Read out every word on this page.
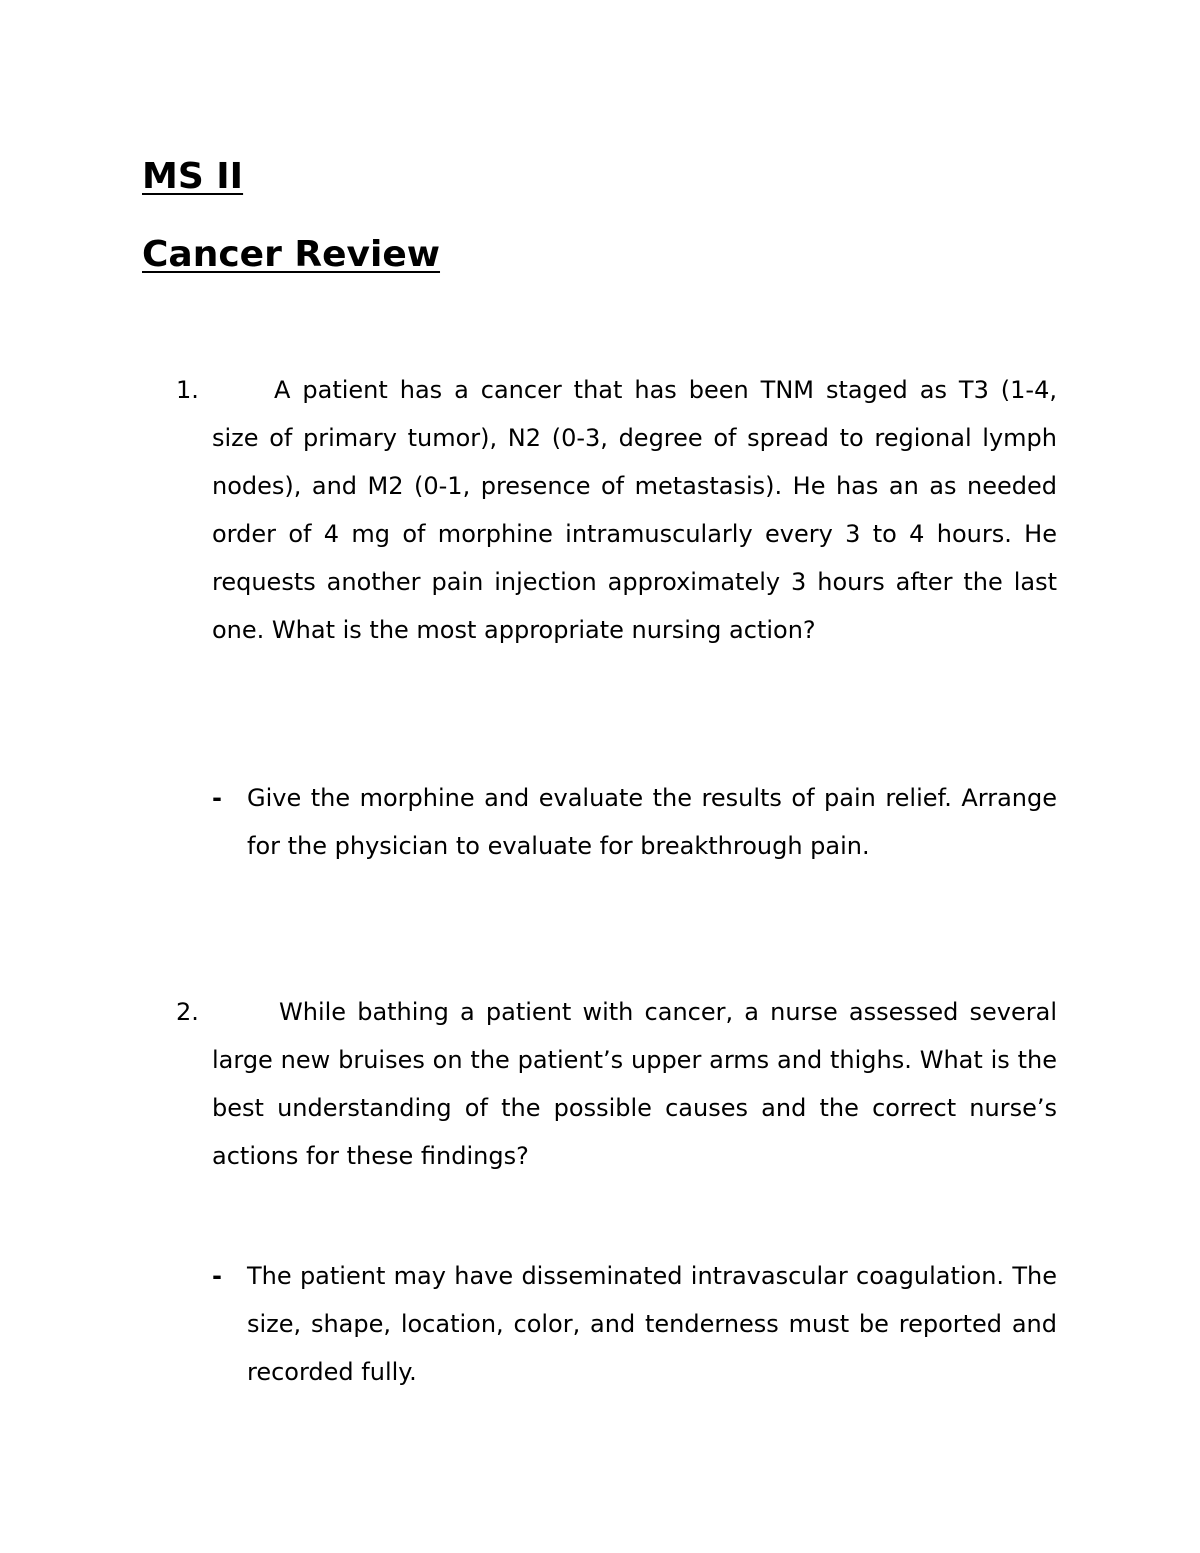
MS II
Cancer Review
1.	A patient has a cancer that has been TNM staged as T3 (1-4, size of primary tumor), N2 (0-3, degree of spread to regional lymph nodes), and M2 (0-1, presence of metastasis). He has an as needed order of 4 mg of morphine intramuscularly every 3 to 4 hours. He requests another pain injection approximately 3 hours after the last one. What is the most appropriate nursing action?

- Give the morphine and evaluate the results of pain relief. Arrange for the physician to evaluate for breakthrough pain.

2.	While bathing a patient with cancer, a nurse assessed several large new bruises on the patient’s upper arms and thighs. What is the best understanding of the possible causes and the correct nurse’s actions for these findings?

- The patient may have disseminated intravascular coagulation. The size, shape, location, color, and tenderness must be reported and recorded fully.
